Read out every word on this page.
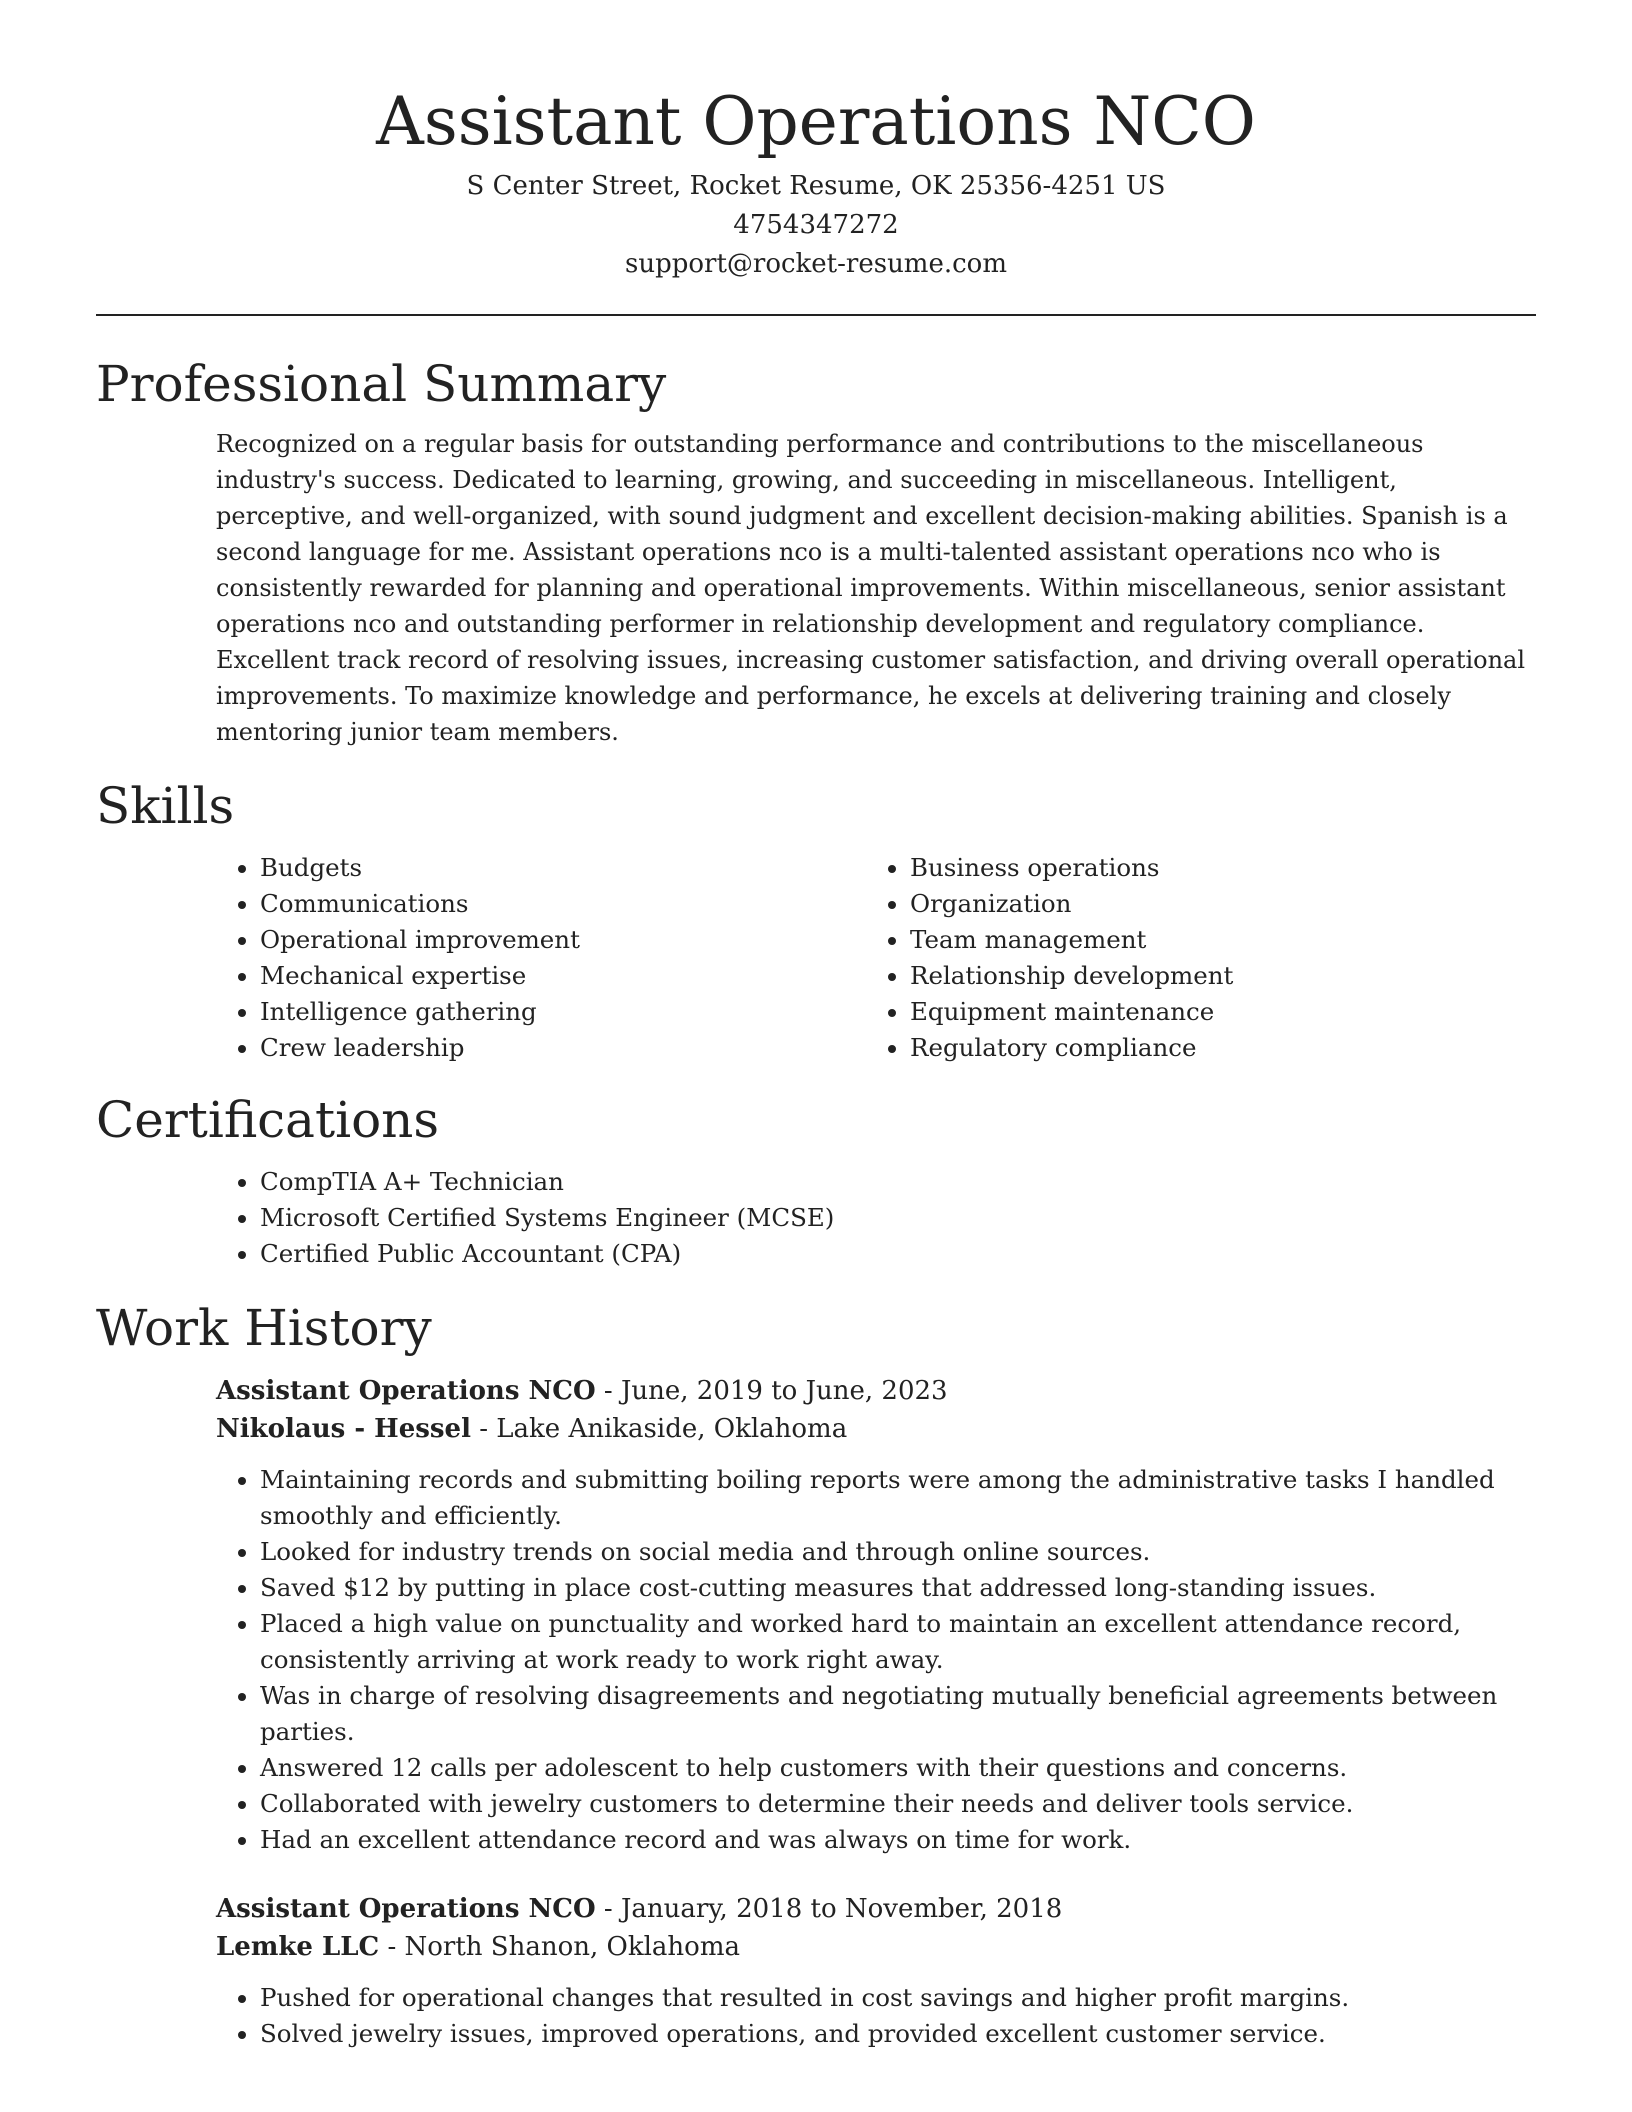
Assistant Operations NCO
S Center Street, Rocket Resume, OK 25356-4251 US
4754347272
support@rocket-resume.com
Professional Summary

Recognized on a regular basis for outstanding performance and contributions to the miscellaneous industry's success. Dedicated to learning, growing, and succeeding in miscellaneous. Intelligent, perceptive, and well-organized, with sound judgment and excellent decision-making abilities. Spanish is a second language for me. Assistant operations nco is a multi-talented assistant operations nco who is consistently rewarded for planning and operational improvements. Within miscellaneous, senior assistant operations nco and outstanding performer in relationship development and regulatory compliance. Excellent track record of resolving issues, increasing customer satisfaction, and driving overall operational improvements. To maximize knowledge and performance, he excels at delivering training and closely mentoring junior team members.

Skills
• Budgets
• Communications
• Operational improvement
• Mechanical expertise
• Intelligence gathering
• Crew leadership
• Business operations
• Organization
• Team management
• Relationship development
• Equipment maintenance
• Regulatory compliance
Certifications
• CompTIA A+ Technician
• Microsoft Certified Systems Engineer (MCSE)
• Certified Public Accountant (CPA)
Work History
Assistant Operations NCO - June, 2019 to June, 2023
Nikolaus - Hessel - Lake Anikaside, Oklahoma
• Maintaining records and submitting boiling reports were among the administrative tasks I handled smoothly and efficiently.
• Looked for industry trends on social media and through online sources.
• Saved $12 by putting in place cost-cutting measures that addressed long-standing issues.
• Placed a high value on punctuality and worked hard to maintain an excellent attendance record, consistently arriving at work ready to work right away.
• Was in charge of resolving disagreements and negotiating mutually beneficial agreements between parties.
• Answered 12 calls per adolescent to help customers with their questions and concerns.
• Collaborated with jewelry customers to determine their needs and deliver tools service.
• Had an excellent attendance record and was always on time for work.
Assistant Operations NCO - January, 2018 to November, 2018
Lemke LLC - North Shanon, Oklahoma
• Pushed for operational changes that resulted in cost savings and higher profit margins.
• Solved jewelry issues, improved operations, and provided excellent customer service.
